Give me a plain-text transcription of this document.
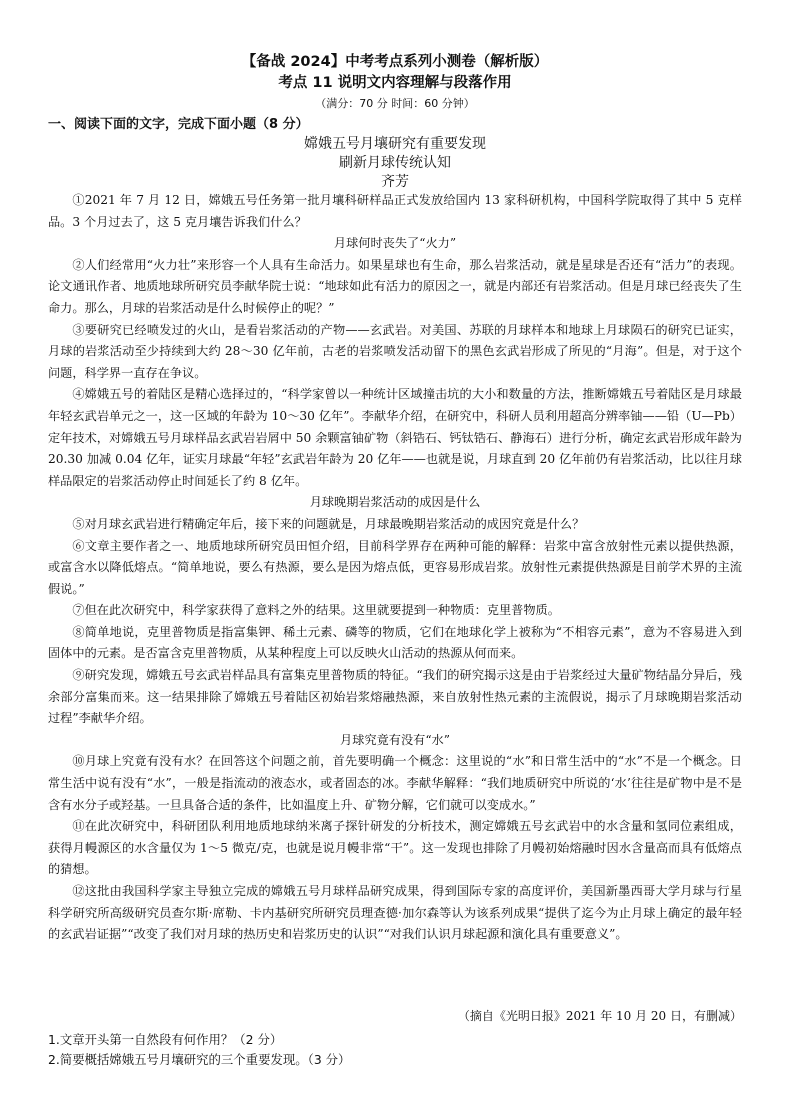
【备战 2024】中考考点系列小测卷（解析版）
考点 11 说明文内容理解与段落作用
（满分：70 分 时间：60 分钟）
一、阅读下面的文字，完成下面小题（8 分）
嫦娥五号月壤研究有重要发现
刷新月球传统认知
齐芳

①2021 年 7 月 12 日，嫦娥五号任务第一批月壤科研样品正式发放给国内 13 家科研机构，中国科学院取得了其中 5 克样品。3 个月过去了，这 5 克月壤告诉我们什么？

月球何时丧失了“火力”

②人们经常用“火力壮”来形容一个人具有生命活力。如果星球也有生命，那么岩浆活动，就是星球是否还有“活力”的表现。论文通讯作者、地质地球所研究员李献华院士说：“地球如此有活力的原因之一，就是内部还有岩浆活动。但是月球已经丧失了生命力。那么，月球的岩浆活动是什么时候停止的呢？”

③要研究已经喷发过的火山，是看岩浆活动的产物——玄武岩。对美国、苏联的月球样本和地球上月球陨石的研究已证实，月球的岩浆活动至少持续到大约 28～30 亿年前，古老的岩浆喷发活动留下的黑色玄武岩形成了所见的“月海”。但是，对于这个问题，科学界一直存在争议。

④嫦娥五号的着陆区是精心选择过的，“科学家曾以一种统计区域撞击坑的大小和数量的方法，推断嫦娥五号着陆区是月球最年轻玄武岩单元之一，这一区域的年龄为 10～30 亿年”。李献华介绍，在研究中，科研人员利用超高分辨率铀——铅（U—Pb）定年技术，对嫦娥五号月球样品玄武岩岩屑中 50 余颗富铀矿物（斜锆石、钙钛锆石、静海石）进行分析，确定玄武岩形成年龄为 20.30 加减 0.04 亿年，证实月球最“年轻”玄武岩年龄为 20 亿年——也就是说，月球直到 20 亿年前仍有岩浆活动，比以往月球样品限定的岩浆活动停止时间延长了约 8 亿年。

月球晚期岩浆活动的成因是什么

⑤对月球玄武岩进行精确定年后，接下来的问题就是，月球最晚期岩浆活动的成因究竟是什么？

⑥文章主要作者之一、地质地球所研究员田恒介绍，目前科学界存在两种可能的解释：岩浆中富含放射性元素以提供热源，或富含水以降低熔点。“简单地说，要么有热源，要么是因为熔点低，更容易形成岩浆。放射性元素提供热源是目前学术界的主流假说。”

⑦但在此次研究中，科学家获得了意料之外的结果。这里就要提到一种物质：克里普物质。

⑧简单地说，克里普物质是指富集钾、稀土元素、磷等的物质，它们在地球化学上被称为“不相容元素”，意为不容易进入到固体中的元素。是否富含克里普物质，从某种程度上可以反映火山活动的热源从何而来。

⑨研究发现，嫦娥五号玄武岩样品具有富集克里普物质的特征。“我们的研究揭示这是由于岩浆经过大量矿物结晶分异后，残余部分富集而来。这一结果排除了嫦娥五号着陆区初始岩浆熔融热源，来自放射性热元素的主流假说，揭示了月球晚期岩浆活动过程”李献华介绍。

月球究竟有没有“水”

⑩月球上究竟有没有水？在回答这个问题之前，首先要明确一个概念：这里说的“水”和日常生活中的“水”不是一个概念。日常生活中说有没有“水”，一般是指流动的液态水，或者固态的冰。李献华解释：“我们地质研究中所说的‘水’往往是矿物中是不是含有水分子或羟基。一旦具备合适的条件，比如温度上升、矿物分解，它们就可以变成水。”

⑪在此次研究中，科研团队利用地质地球纳米离子探针研发的分析技术，测定嫦娥五号玄武岩中的水含量和氢同位素组成，获得月幔源区的水含量仅为 1～5 微克/克，也就是说月幔非常“干”。这一发现也排除了月幔初始熔融时因水含量高而具有低熔点的猜想。

⑫这批由我国科学家主导独立完成的嫦娥五号月球样品研究成果，得到国际专家的高度评价，美国新墨西哥大学月球与行星科学研究所高级研究员查尔斯·席勒、卡内基研究所研究员理查德·加尔森等认为该系列成果“提供了迄今为止月球上确定的最年轻的玄武岩证据”“改变了我们对月球的热历史和岩浆历史的认识”“对我们认识月球起源和演化具有重要意义”。

（摘自《光明日报》2021 年 10 月 20 日，有删减）
1.文章开头第一自然段有何作用？（2 分）
2.简要概括嫦娥五号月壤研究的三个重要发现。（3 分）
